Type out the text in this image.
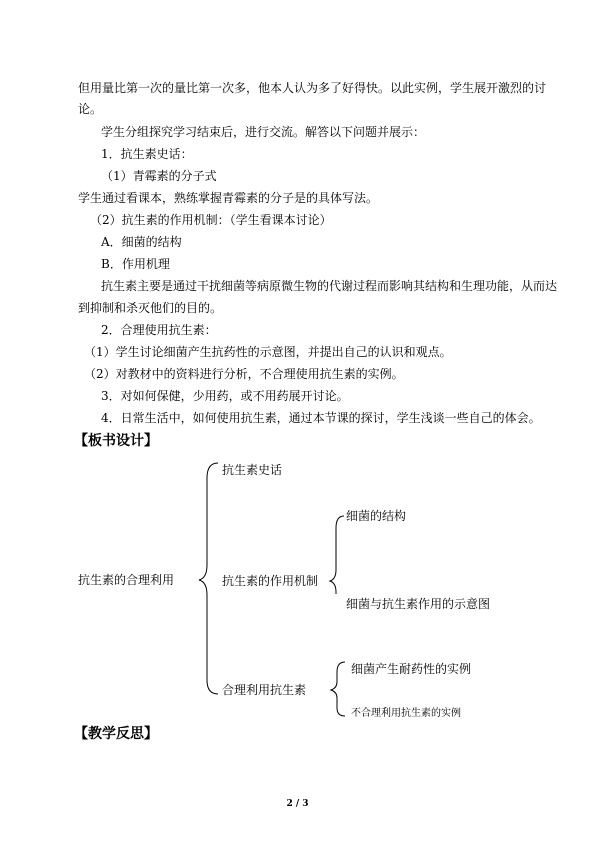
但用量比第一次的量比第一次多，他本人认为多了好得快。以此实例，学生展开激烈的讨
论。
学生分组探究学习结束后，进行交流。解答以下问题并展示：
1．抗生素史话：
（1）青霉素的分子式
学生通过看课本，熟练掌握青霉素的分子是的具体写法。
（2）抗生素的作用机制：（学生看课本讨论）
A．细菌的结构
B．作用机理
抗生素主要是通过干扰细菌等病原微生物的代谢过程而影响其结构和生理功能，从而达
到抑制和杀灭他们的目的。
2．合理使用抗生素：
（1）学生讨论细菌产生抗药性的示意图，并提出自己的认识和观点。
（2）对教材中的资料进行分析，不合理使用抗生素的实例。
3．对如何保健，少用药，或不用药展开讨论。
4．日常生活中，如何使用抗生素，通过本节课的探讨，学生浅谈一些自己的体会。
【板书设计】
抗生素的合理利用
抗生素史话
抗生素的作用机制
合理利用抗生素
细菌的结构
细菌与抗生素作用的示意图
细菌产生耐药性的实例
不合理利用抗生素的实例
【教学反思】
2 / 3
